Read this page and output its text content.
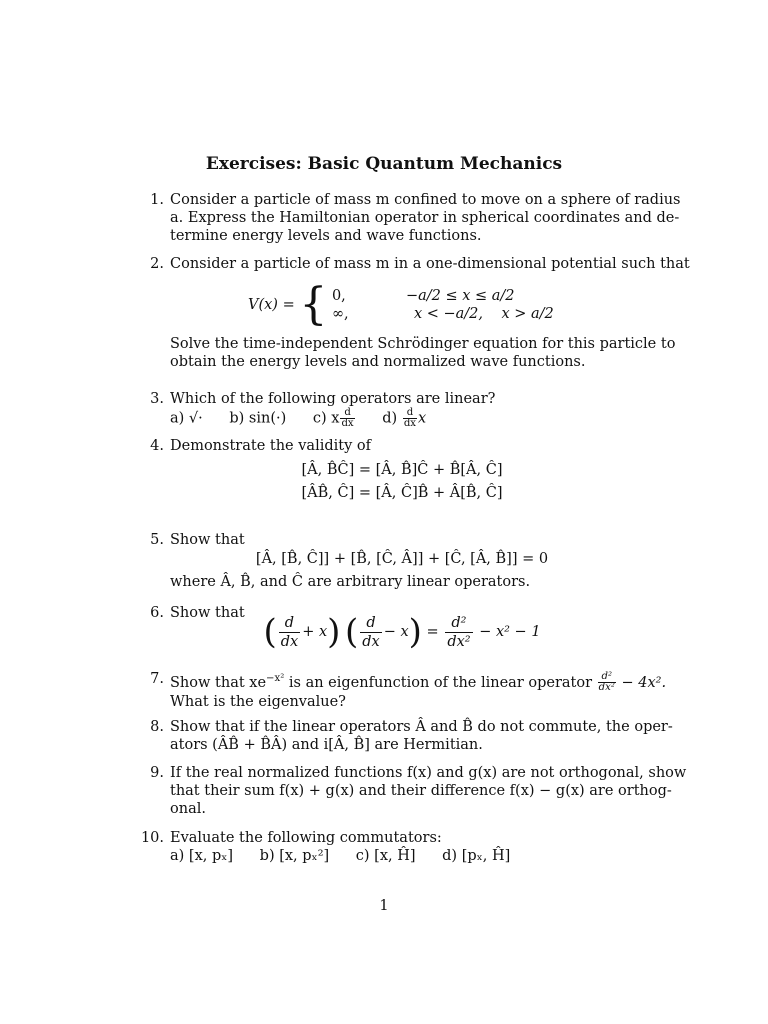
Exercises: Basic Quantum Mechanics
1. Consider a particle of mass m confined to move on a sphere of radius
a. Express the Hamiltonian operator in spherical coordinates and de-
termine energy levels and wave functions.
2. Consider a particle of mass m in a one-dimensional potential such that
V(x) = { 0,	−a/2 ≤ x ≤ a/2
∞,	x < −a/2,    x > a/2
Solve the time-independent Schrödinger equation for this particle to
obtain the energy levels and normalized wave functions.
3. Which of the following operators are linear?
a) √· b) sin(·) c) x $\frac{d}{dx} d) \frac{d}{dx}$ x
4. Demonstrate the validity of
[Â, B̂Ĉ] = [Â, B̂]Ĉ + B̂[Â, Ĉ]
[ÂB̂, Ĉ] = [Â, Ĉ]B̂ + Â[B̂, Ĉ]
5. Show that
[Â, [B̂, Ĉ]] + [B̂, [Ĉ, Â]] + [Ĉ, [Â, B̂]] = 0
where Â, B̂, and Ĉ are arbitrary linear operators.
6. Show that ( $\frac{d}{dx} + x$) ( $\frac{d}{dx} - x) = \frac{\text{d²}}{\text{dx²}} - x^2 - 1$
7. Show that $xe^{-x^2}$ is an eigenfunction of the linear operator $\frac{\text{d²}}{\text{dx²}} - 4x^2$.
What is the eigenvalue?
8. Show that if the linear operators Â and B̂ do not commute, the oper-
ators (ÂB̂ + B̂Â) and i[Â, B̂] are Hermitian.
9. If the real normalized functions f(x) and g(x) are not orthogonal, show
that their sum f(x) + g(x) and their difference f(x) − g(x) are orthog-
onal.
10. Evaluate the following commutators:
a) [x, pₓ] b) [x, pₓ²] c) [x, Ĥ] d) [pₓ, Ĥ]
1
